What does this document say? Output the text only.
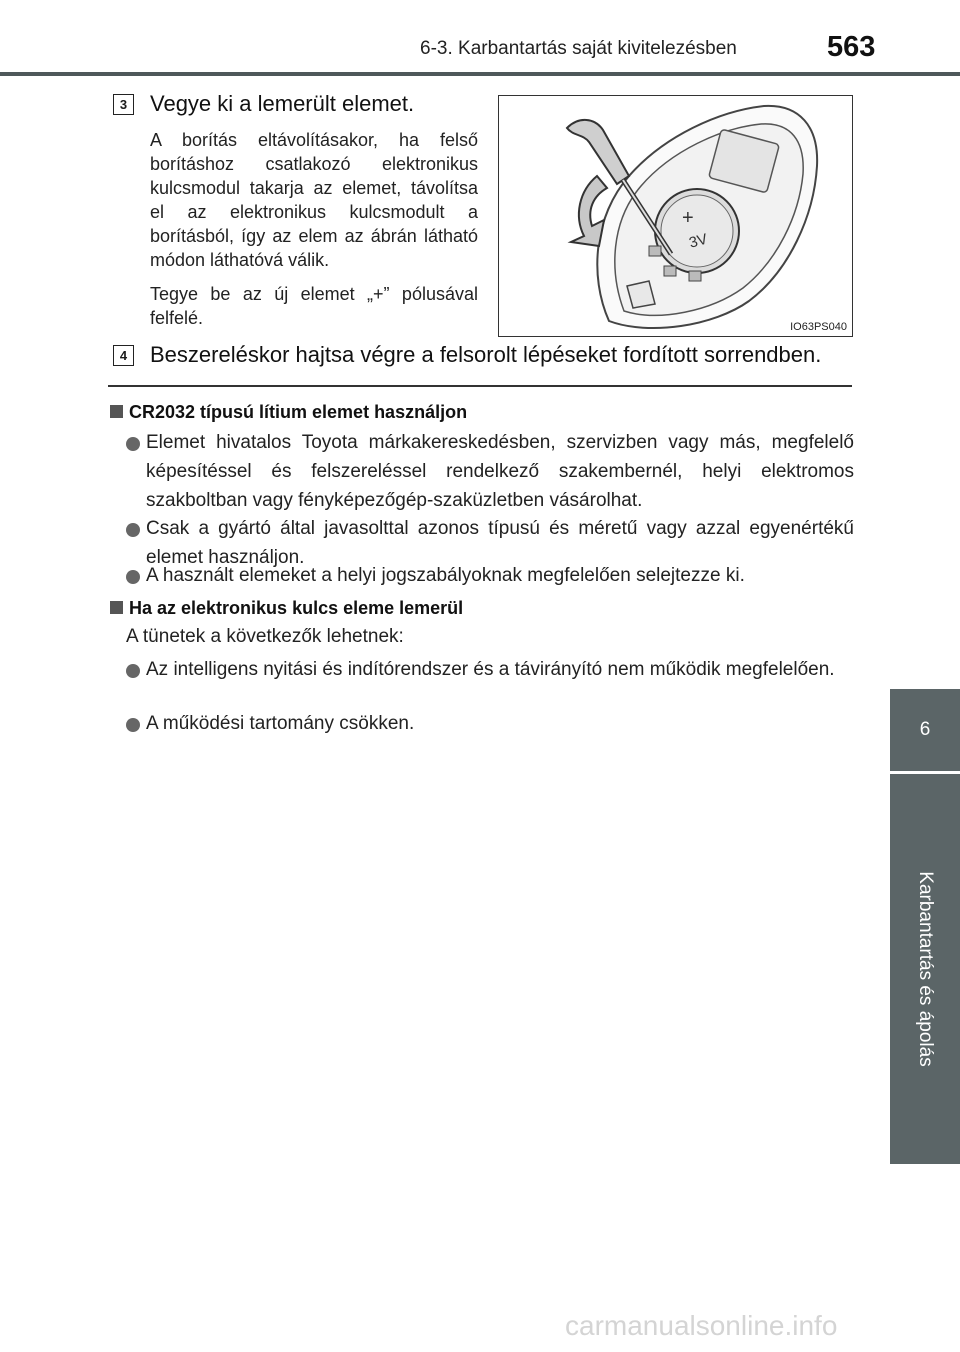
6-3. Karbantartás saját kivitelezésben	563
6
Karbantartás és ápolás
3	Vegye ki a lemerült elemet.
A borítás eltávolításakor, ha felső borításhoz csatlakozó elektronikus kulcsmodul takarja az elemet, távolítsa el az elektronikus kulcsmodult a borításból, így az elem az ábrán látható módon láthatóvá válik.
Tegye be az új elemet „+” pólusával felfelé.
+
3V
IO63PS040
4	Beszereléskor hajtsa végre a felsorolt lépéseket fordított sorrendben.
CR2032 típusú lítium elemet használjon
Elemet hivatalos Toyota márkakereskedésben, szervizben vagy más, megfelelő képesítéssel és felszereléssel rendelkező szakembernél, helyi elektromos szakboltban vagy fényképezőgép-szaküzletben vásárolhat.
Csak a gyártó által javasolttal azonos típusú és méretű vagy azzal egyenértékű elemet használjon.
A használt elemeket a helyi jogszabályoknak megfelelően selejtezze ki.
Ha az elektronikus kulcs eleme lemerül
A tünetek a következők lehetnek:
Az intelligens nyitási és indítórendszer és a távirányító nem működik megfelelően.
A működési tartomány csökken.
carmanualsonline.info
